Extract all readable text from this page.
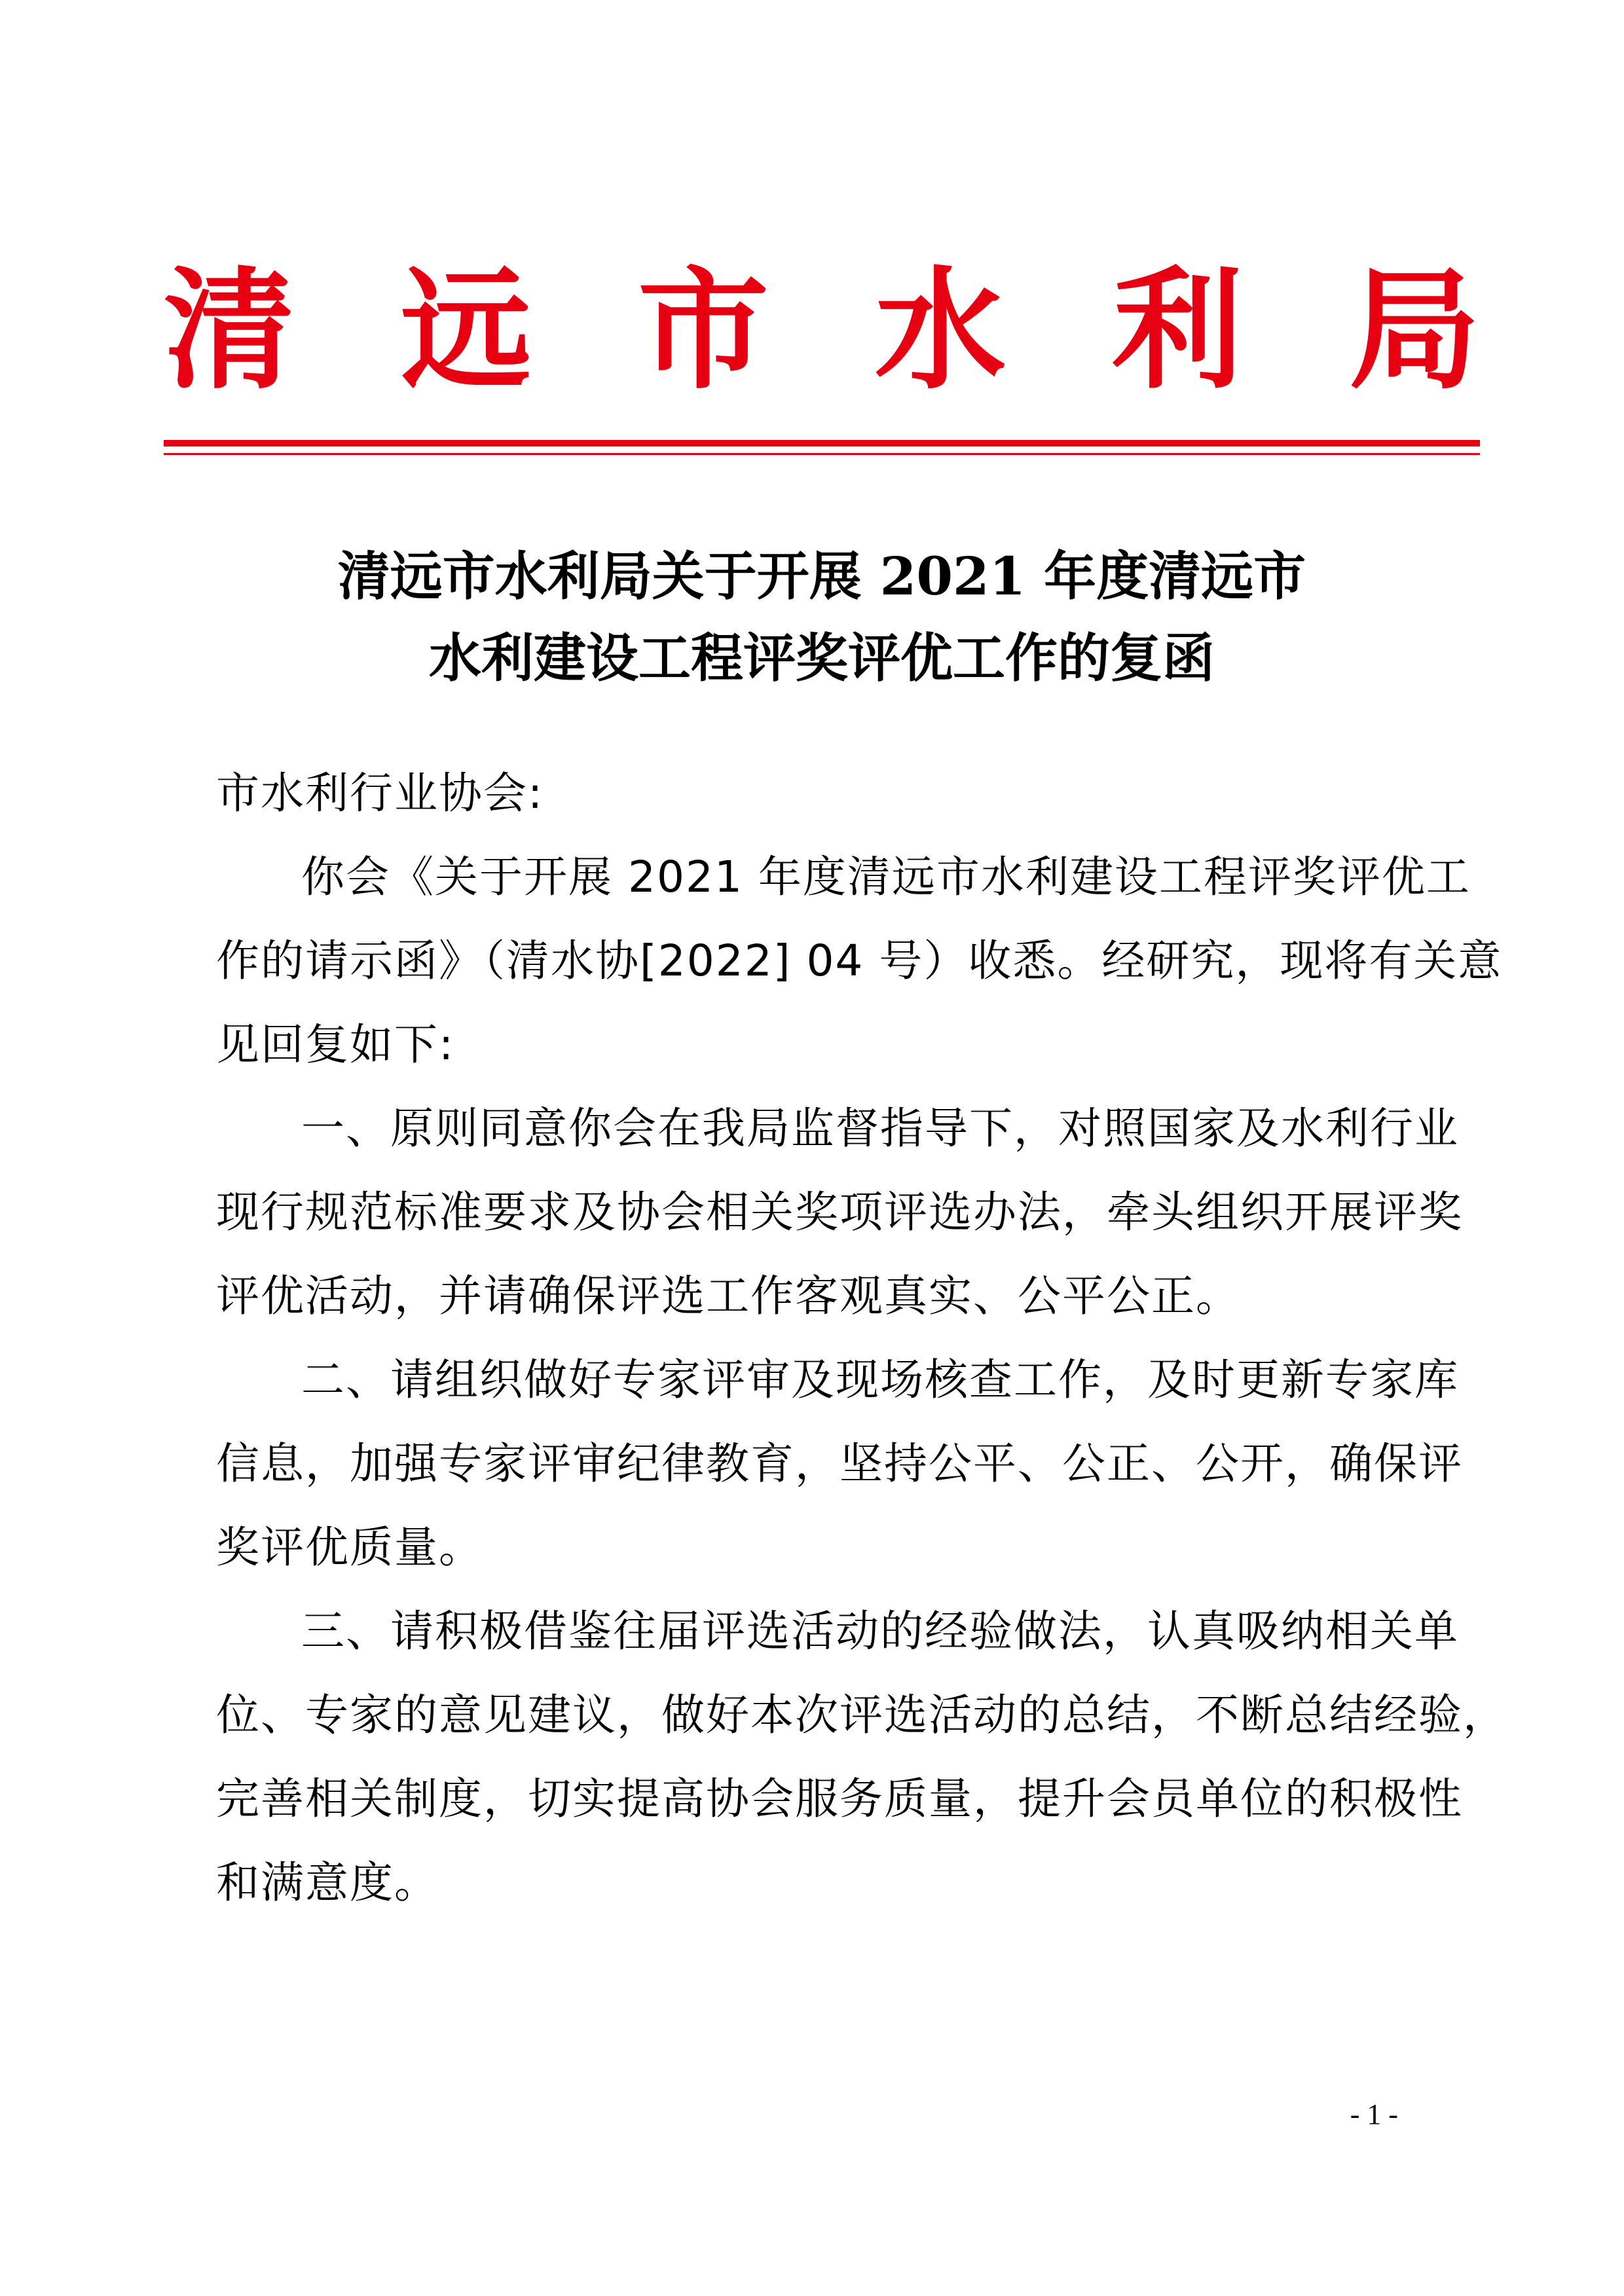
清 远 市 水 利 局
清远市水利局关于开展 2021 年度清远市
水利建设工程评奖评优工作的复函
市水利行业协会:
你会《关于开展 2021 年度清远市水利建设工程评奖评优工
作的请示函》（清水协[2022] 04 号）收悉。经研究，现将有关意
见回复如下:
一、原则同意你会在我局监督指导下，对照国家及水利行业
现行规范标准要求及协会相关奖项评选办法，牵头组织开展评奖
评优活动，并请确保评选工作客观真实、公平公正。
二、请组织做好专家评审及现场核查工作，及时更新专家库
信息，加强专家评审纪律教育，坚持公平、公正、公开，确保评
奖评优质量。
三、请积极借鉴往届评选活动的经验做法，认真吸纳相关单
位、专家的意见建议，做好本次评选活动的总结，不断总结经验，
完善相关制度，切实提高协会服务质量，提升会员单位的积极性
和满意度。
- 1 -
